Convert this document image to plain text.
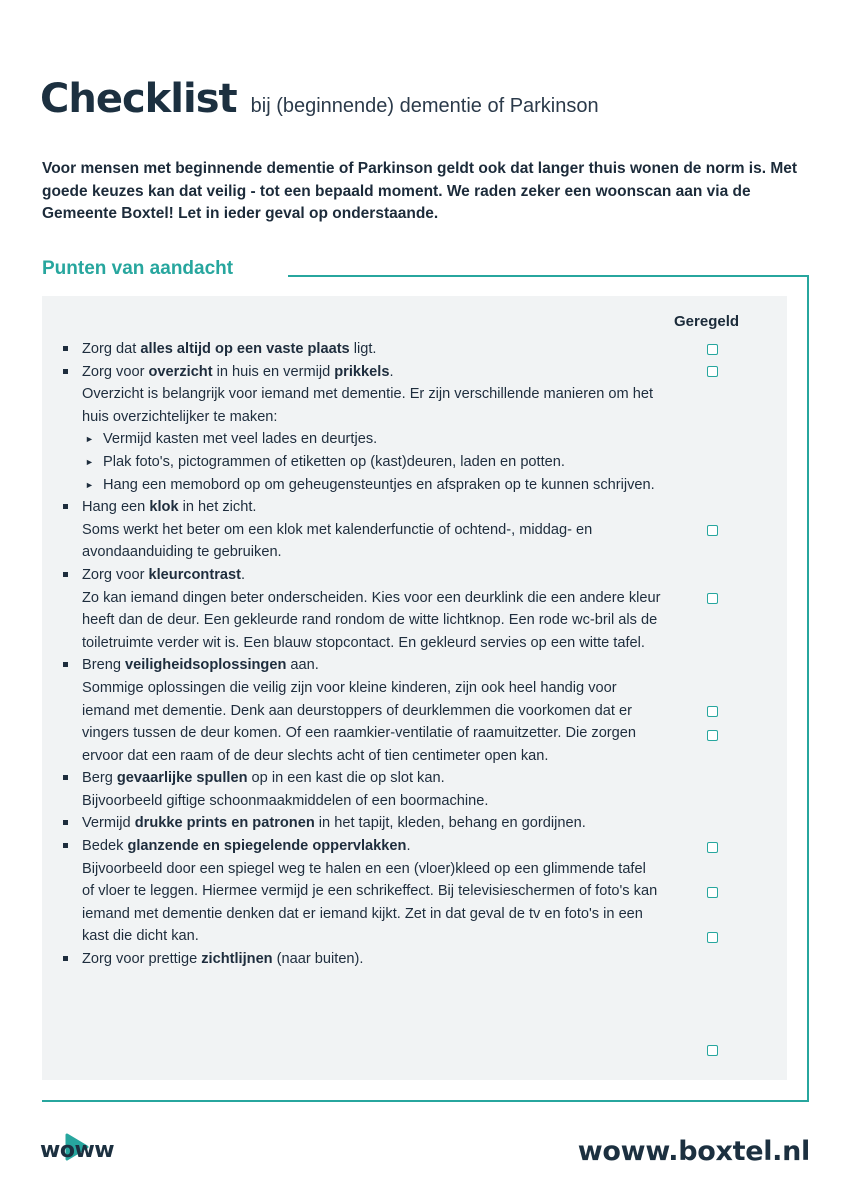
Checklist bij (beginnende) dementie of Parkinson

Voor mensen met beginnende dementie of Parkinson geldt ook dat langer thuis wonen de norm is. Met goede keuzes kan dat veilig - tot een bepaald moment. We raden zeker een woonscan aan via de Gemeente Boxtel! Let in ieder geval op onderstaande.

Punten van aandacht
Geregeld
Zorg dat alles altijd op een vaste plaats ligt.
Zorg voor overzicht in huis en vermijd prikkels.
Overzicht is belangrijk voor iemand met dementie. Er zijn verschillende manieren om het huis overzichtelijker te maken:
► Vermijd kasten met veel lades en deurtjes.
► Plak foto's, pictogrammen of etiketten op (kast)deuren, laden en potten.
► Hang een memobord op om geheugensteuntjes en afspraken op te kunnen schrijven.
Hang een klok in het zicht.
Soms werkt het beter om een klok met kalenderfunctie of ochtend-, middag- en avondaanduiding te gebruiken.
Zorg voor kleurcontrast.
Zo kan iemand dingen beter onderscheiden. Kies voor een deurklink die een andere kleur heeft dan de deur. Een gekleurde rand rondom de witte lichtknop. Een rode wc-bril als de toiletruimte verder wit is. Een blauw stopcontact. En gekleurd servies op een witte tafel.
Breng veiligheidsoplossingen aan.
Sommige oplossingen die veilig zijn voor kleine kinderen, zijn ook heel handig voor iemand met dementie. Denk aan deurstoppers of deurklemmen die voorkomen dat er vingers tussen de deur komen. Of een raamkier-ventilatie of raamuitzetter. Die zorgen ervoor dat een raam of de deur slechts acht of tien centimeter open kan.
Berg gevaarlijke spullen op in een kast die op slot kan.
Bijvoorbeeld giftige schoonmaakmiddelen of een boormachine.
Vermijd drukke prints en patronen in het tapijt, kleden, behang en gordijnen.
Bedek glanzende en spiegelende oppervlakken.
Bijvoorbeeld door een spiegel weg te halen en een (vloer)kleed op een glimmende tafel of vloer te leggen. Hiermee vermijd je een schrikeffect. Bij televisieschermen of foto's kan iemand met dementie denken dat er iemand kijkt. Zet in dat geval de tv en foto's in een kast die dicht kan.
Zorg voor prettige zichtlijnen (naar buiten).
woww	woww.boxtel.nl
